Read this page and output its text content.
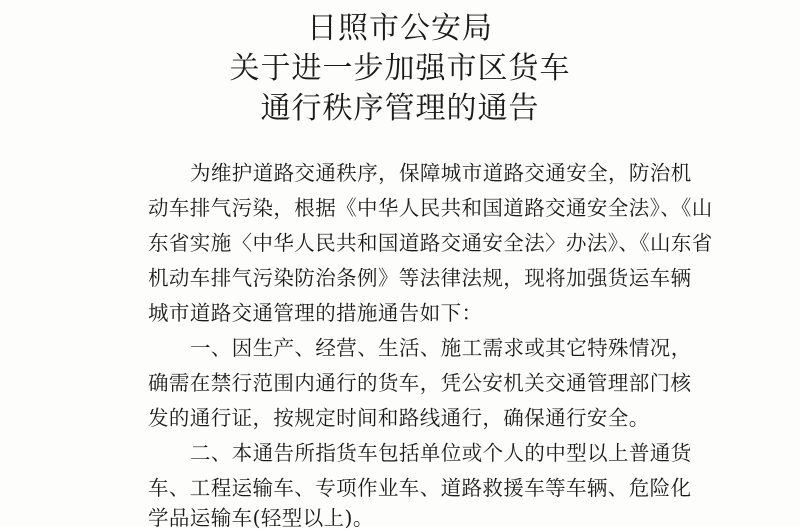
日照市公安局
关于进一步加强市区货车
通行秩序管理的通告
为维护道路交通秩序，保障城市道路交通安全，防治机
动车排气污染，根据《中华人民共和国道路交通安全法》、《山
东省实施〈中华人民共和国道路交通安全法〉办法》、《山东省
机动车排气污染防治条例》等法律法规，现将加强货运车辆
城市道路交通管理的措施通告如下：
一、因生产、经营、生活、施工需求或其它特殊情况，
确需在禁行范围内通行的货车，凭公安机关交通管理部门核
发的通行证，按规定时间和路线通行，确保通行安全。
二、本通告所指货车包括单位或个人的中型以上普通货
车、工程运输车、专项作业车、道路救援车等车辆、危险化
学品运输车(轻型以上)。
